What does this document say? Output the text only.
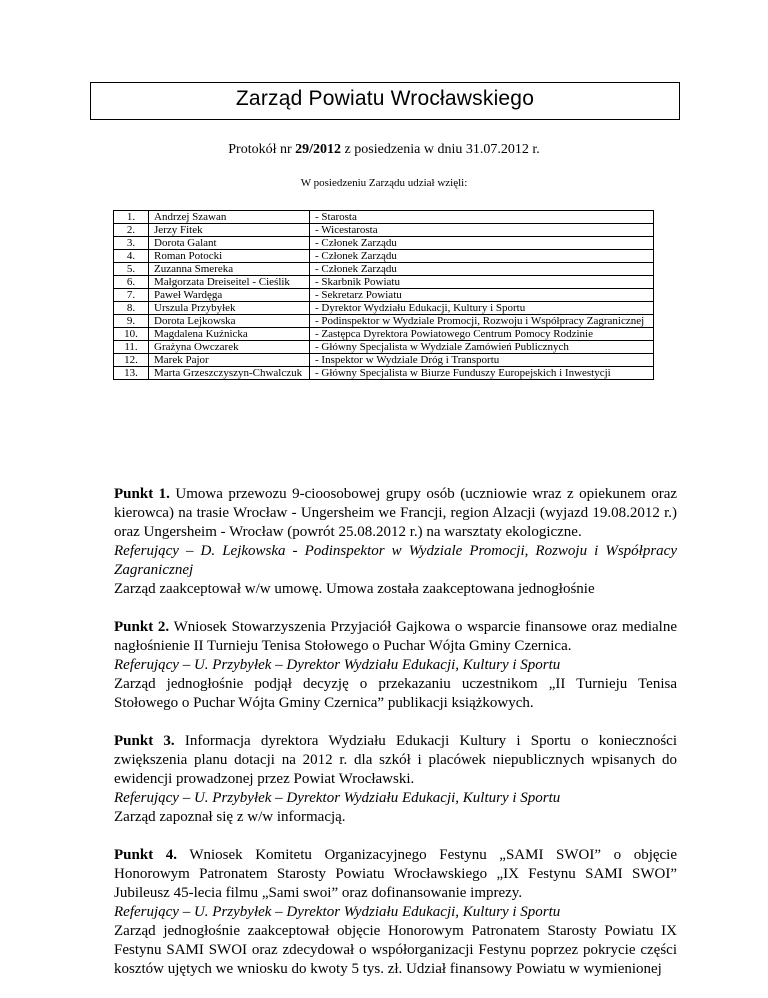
Zarząd Powiatu Wrocławskiego
Protokół nr 29/2012 z posiedzenia w dniu 31.07.2012 r.
W posiedzeniu Zarządu udział wzięli:
1.	Andrzej Szawan	- Starosta
2.	Jerzy Fitek	- Wicestarosta
3.	Dorota Galant	- Członek Zarządu
4.	Roman Potocki	- Członek Zarządu
5.	Zuzanna Smereka	- Członek Zarządu
6.	Małgorzata Dreiseitel - Cieślik	- Skarbnik Powiatu
7.	Paweł Wardęga	- Sekretarz Powiatu
8.	Urszula Przybyłek	- Dyrektor Wydziału Edukacji, Kultury i Sportu
9.	Dorota Lejkowska	- Podinspektor w Wydziale Promocji, Rozwoju i Współpracy Zagranicznej
10.	Magdalena Kuźnicka	- Zastępca Dyrektora Powiatowego Centrum Pomocy Rodzinie
11.	Grażyna Owczarek	- Główny Specjalista w Wydziale Zamówień Publicznych
12.	Marek Pajor	- Inspektor w Wydziale Dróg i Transportu
13.	Marta Grzeszczyszyn-Chwalczuk	- Główny Specjalista w Biurze Funduszy Europejskich i Inwestycji

Punkt 1. Umowa przewozu 9-cioosobowej grupy osób (uczniowie wraz z opiekunem oraz kierowca) na trasie Wrocław - Ungersheim we Francji, region Alzacji (wyjazd 19.08.2012 r.) oraz Ungersheim - Wrocław (powrót 25.08.2012 r.) na warsztaty ekologiczne.
Referujący – D. Lejkowska - Podinspektor w Wydziale Promocji, Rozwoju i Współpracy Zagranicznej
Zarząd zaakceptował w/w umowę. Umowa została zaakceptowana jednogłośnie

Punkt 2. Wniosek Stowarzyszenia Przyjaciół Gajkowa o wsparcie finansowe oraz medialne nagłośnienie II Turnieju Tenisa Stołowego o Puchar Wójta Gminy Czernica.
Referujący – U. Przybyłek – Dyrektor Wydziału Edukacji, Kultury i Sportu
Zarząd jednogłośnie podjął decyzję o przekazaniu uczestnikom „II Turnieju Tenisa Stołowego o Puchar Wójta Gminy Czernica” publikacji książkowych.

Punkt 3. Informacja dyrektora Wydziału Edukacji Kultury i Sportu o konieczności zwiększenia planu dotacji na 2012 r. dla szkół i placówek niepublicznych wpisanych do ewidencji prowadzonej przez Powiat Wrocławski.
Referujący – U. Przybyłek – Dyrektor Wydziału Edukacji, Kultury i Sportu
Zarząd zapoznał się z w/w informacją.

Punkt 4. Wniosek Komitetu Organizacyjnego Festynu „SAMI SWOI” o objęcie Honorowym Patronatem Starosty Powiatu Wrocławskiego „IX Festynu SAMI SWOI” Jubileusz 45-lecia filmu „Sami swoi” oraz dofinansowanie imprezy.
Referujący – U. Przybyłek – Dyrektor Wydziału Edukacji, Kultury i Sportu
Zarząd jednogłośnie zaakceptował objęcie Honorowym Patronatem Starosty Powiatu IX Festynu SAMI SWOI oraz zdecydował o współorganizacji Festynu poprzez pokrycie części kosztów ujętych we wniosku do kwoty 5 tys. zł. Udział finansowy Powiatu w wymienionej
